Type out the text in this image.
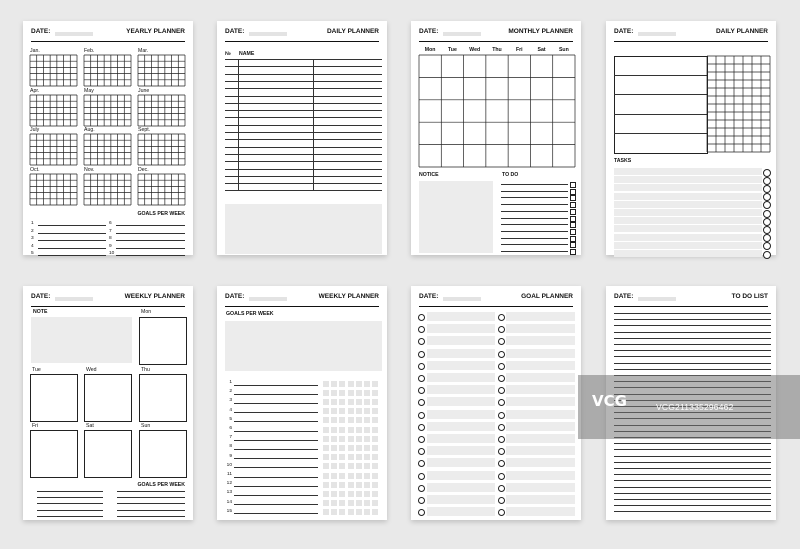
DATE:	YEARLY PLANNER
Jan.	Feb.	Mar.
Apr.	May	June
July	Aug.	Sept.
Oct.	Nov.	Dec.
GOALS PER WEEK
1
2
3
4
5
6
7
8
9
10
DATE:	DAILY PLANNER
№ NAME
DATE:	MONTHLY PLANNER
Mon	Tue	Wed	Thu	Fri	Sat	Sun
NOTICE	TO DO
DATE:	DAILY PLANNER
TASKS
DATE:	WEEKLY PLANNER
NOTE	Mon
Tue	Wed	Thu
Fri	Sat	Sun
GOALS PER WEEK
DATE:	WEEKLY PLANNER
GOALS PER WEEK
1
2
3
4
5
6
7
8
9
10
11
12
13
14
15
DATE:	GOAL PLANNER	DATE:	TO DO LIST
VCG	VCG211335296462
